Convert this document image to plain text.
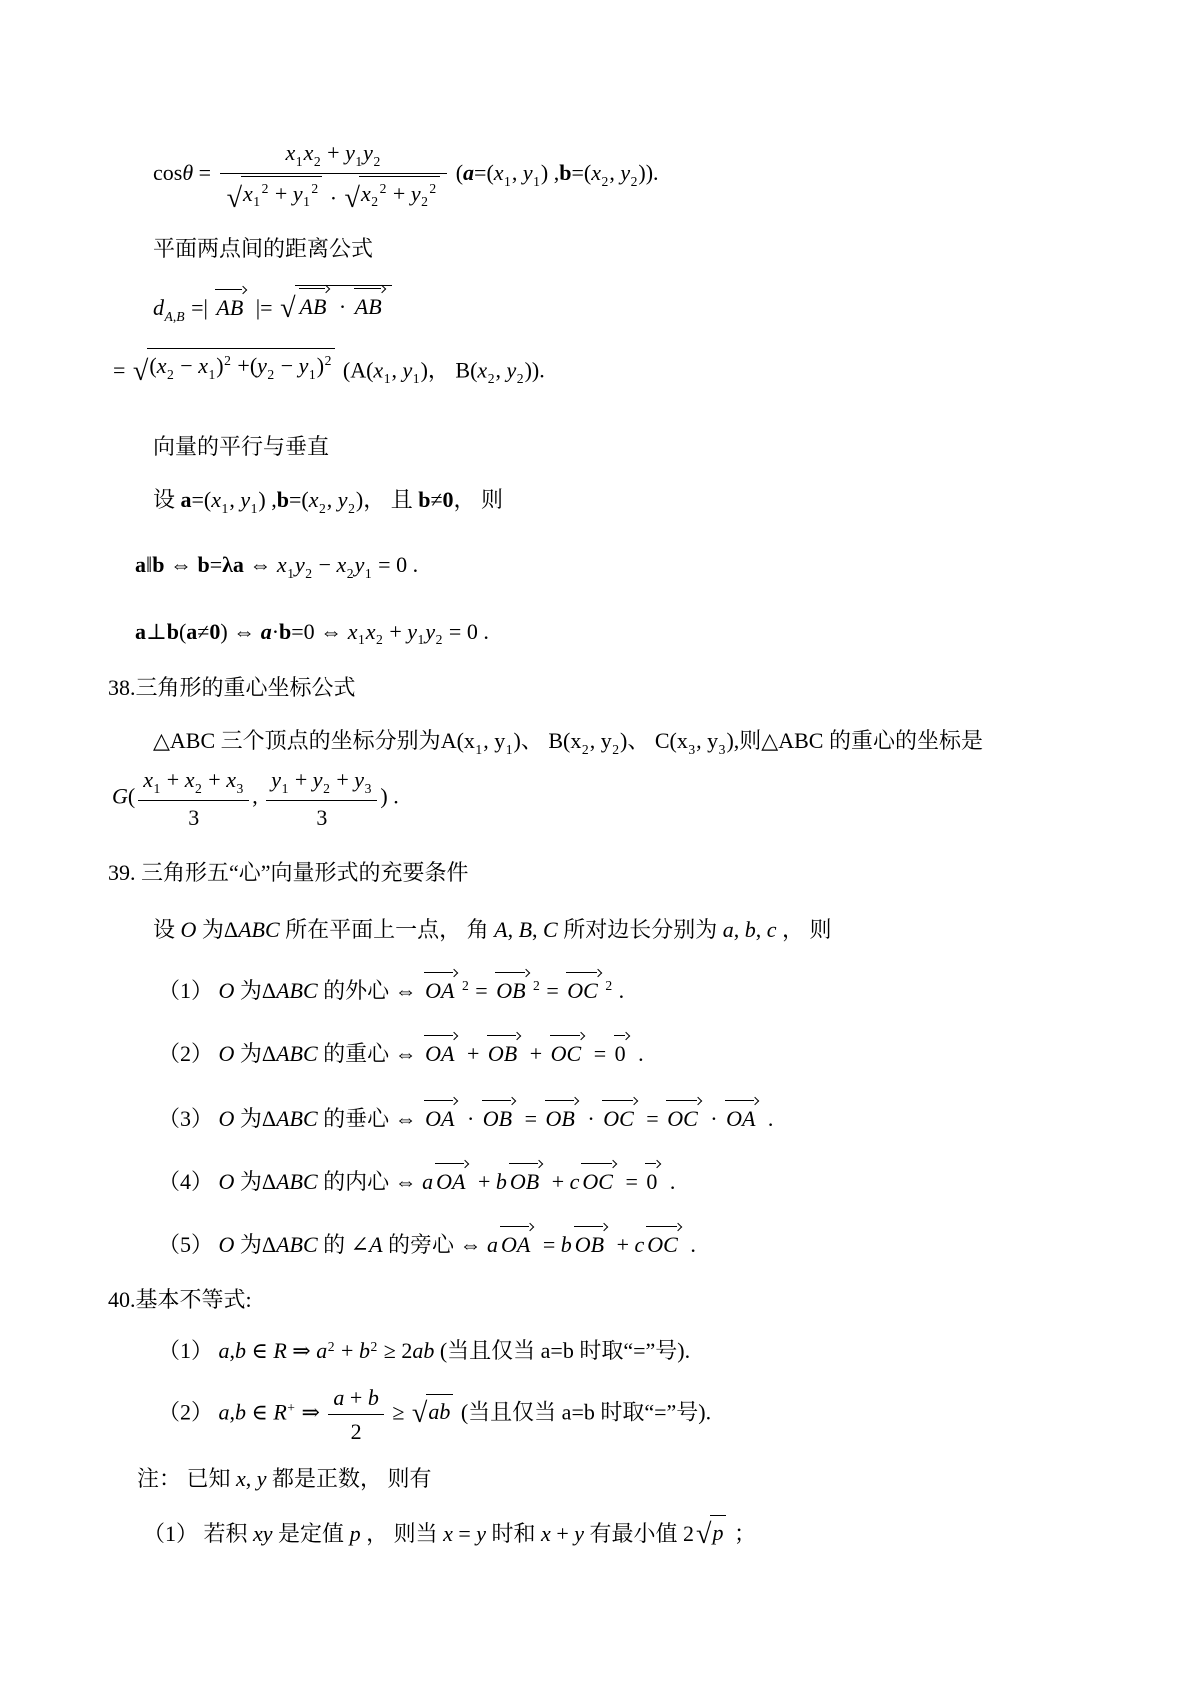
$\cos\theta = \frac{x_1x_2 + y_1y_2}{√ x_1^2 + y_1^2 \cdot √ x_2^2 + y_2^2} (a=(x_1$, $y_1$) $,b=(x_2$, $y_2$)).
平面两点间的距离公式
$d_{A,B}$ =| AB |= √ AB · AB
= √ $(x_2 - x_1)^2 +(y_2 - y_1)^2$ ($A(x_1$, $y_1$)， $B(x_2$, $y_2$)).
向量的平行与垂直
设 $a=(x_1$, $y_1$) $,b=(x_2$, $y_2$)， 且 b≠0， 则
a‖b ⇔ b=λa ⇔ $x_1y_2 - x_2y_1 = 0$ .
a⊥b(a≠0) ⇔ a·b=0 ⇔ $x_1x_2 + y_1y_2 = 0$ .
38.三角形的重心坐标公式
△ABC 三个顶点的坐标分别为$A(x_1$, $y_1$)、 $B(x_2$, $y_2$)、 $C(x_3$, $y_3$),则△ABC 的重心的坐标是
$G( \frac{x_1 + x_2 + x_3}{3}$ , $\frac{y_1 + y_2 + y_3}{3}$ ) .
39. 三角形五“心”向量形式的充要条件
设 O 为ΔABC 所在平面上一点， 角 A, B, C 所对边长分别为 a, b, c ， 则
（1） O 为ΔABC 的外心 ⇔ OA $^2$ = OB $^2$ = OC $^2$ .
（2） O 为ΔABC 的重心 ⇔ OA + OB + OC = 0 .
（3） O 为ΔABC 的垂心 ⇔ OA · OB = OB · OC = OC · OA .
（4） O 为ΔABC 的内心 ⇔ a OA + b OB + c OC = 0 .
（5） O 为ΔABC 的 ∠A 的旁心 ⇔ a OA = b OB + c OC .
40.基本不等式:
（1） a,b ∈ R ⇒ $a^2 + b^2 \ge 2ab$ (当且仅当 a=b 时取“=”号).
（2） a,b ∈ R+ ⇒ $\frac{a + b}{2}$ ≥ √ ab (当且仅当 a=b 时取“=”号).
注： 已知 x, y 都是正数， 则有
（1） 若积 xy 是定值 p ， 则当 x = y 时和 x + y 有最小值 2 √ p ；
